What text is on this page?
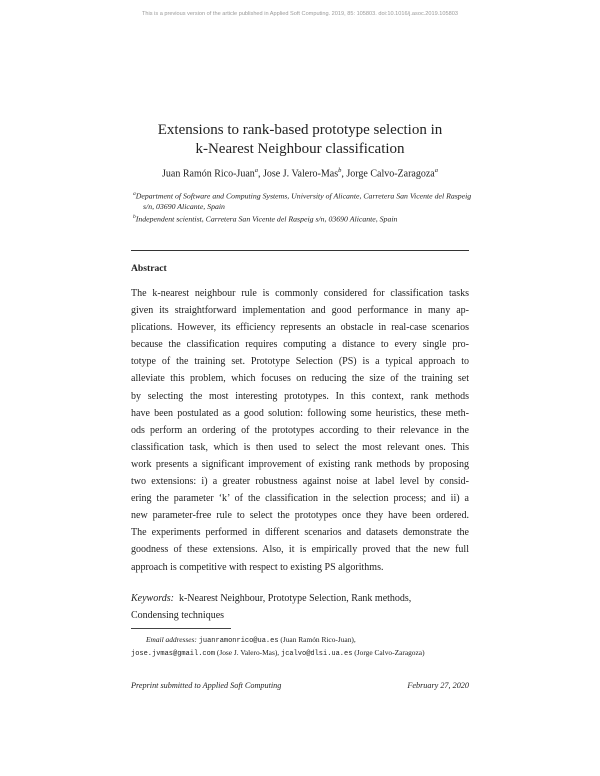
This is a previous version of the article published in Applied Soft Computing. 2019, 85: 105803. doi:10.1016/j.asoc.2019.105803
Extensions to rank-based prototype selection in
k-Nearest Neighbour classification
Juan Ramón Rico-Juan$^a$, Jose J. Valero-Mas$^b$, Jorge Calvo-Zaragoza$^a$
$^a$Department of Software and Computing Systems, University of Alicante, Carretera San Vicente del Raspeig s/n, 03690 Alicante, Spain
$^b$Independent scientist, Carretera San Vicente del Raspeig s/n, 03690 Alicante, Spain
Abstract
The k-nearest neighbour rule is commonly considered for classification tasks
given its straightforward implementation and good performance in many ap-
plications. However, its efficiency represents an obstacle in real-case scenarios
because the classification requires computing a distance to every single pro-
totype of the training set. Prototype Selection (PS) is a typical approach to
alleviate this problem, which focuses on reducing the size of the training set
by selecting the most interesting prototypes. In this context, rank methods
have been postulated as a good solution: following some heuristics, these meth-
ods perform an ordering of the prototypes according to their relevance in the
classification task, which is then used to select the most relevant ones. This
work presents a significant improvement of existing rank methods by proposing
two extensions: i) a greater robustness against noise at label level by consid-
ering the parameter ‘k’ of the classification in the selection process; and ii) a
new parameter-free rule to select the prototypes once they have been ordered.
The experiments performed in different scenarios and datasets demonstrate the
goodness of these extensions. Also, it is empirically proved that the new full
approach is competitive with respect to existing PS algorithms.
Keywords: k-Nearest Neighbour, Prototype Selection, Rank methods,
Condensing techniques
Email addresses: juanramonrico@ua.es (Juan Ramón Rico-Juan),
jose.jvmas@gmail.com (Jose J. Valero-Mas), jcalvo@dlsi.ua.es (Jorge Calvo-Zaragoza)
Preprint submitted to Applied Soft Computing	February 27, 2020
